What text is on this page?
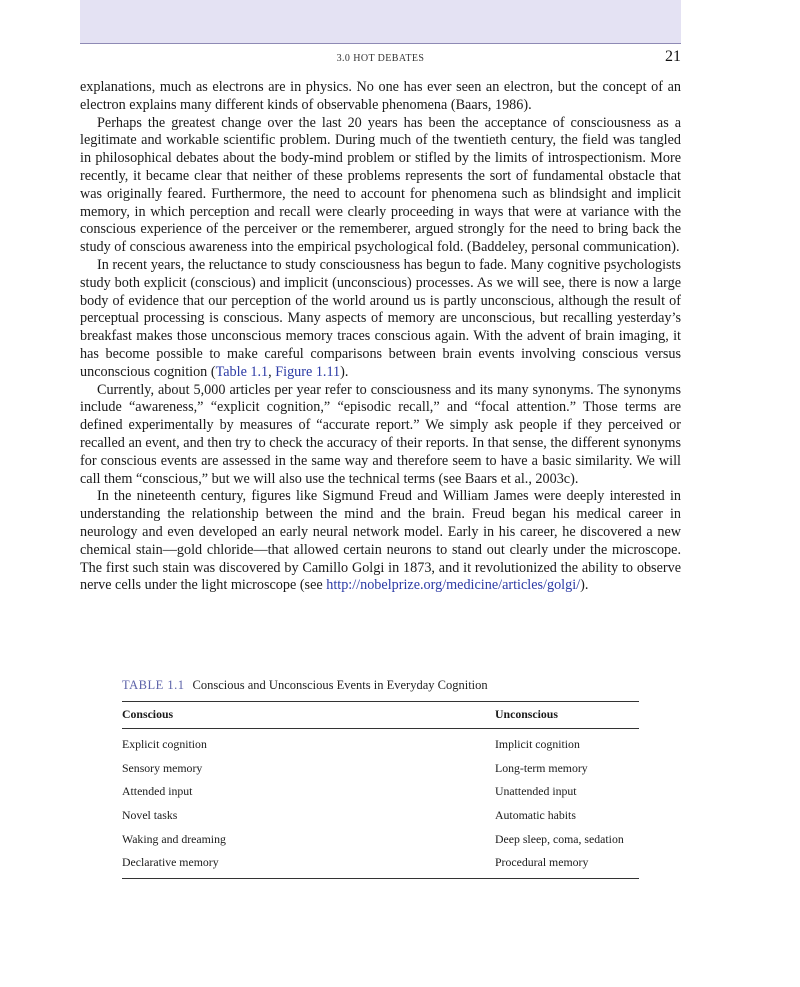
3.0 HOT DEBATES	21

explanations, much as electrons are in physics. No one has ever seen an electron, but the concept of an electron explains many different kinds of observable phenomena (Baars, 1986).

Perhaps the greatest change over the last 20 years has been the acceptance of consciousness as a legitimate and workable scientific problem. During much of the twentieth century, the field was tangled in philosophical debates about the body-mind problem or stifled by the limits of introspectionism. More recently, it became clear that neither of these problems represents the sort of fundamental obstacle that was originally feared. Furthermore, the need to account for phenomena such as blindsight and implicit memory, in which perception and recall were clearly proceeding in ways that were at variance with the conscious experience of the perceiver or the rememberer, argued strongly for the need to bring back the study of conscious awareness into the empirical psychological fold. (Baddeley, personal communication).

In recent years, the reluctance to study consciousness has begun to fade. Many cognitive psychologists study both explicit (conscious) and implicit (unconscious) processes. As we will see, there is now a large body of evidence that our perception of the world around us is partly unconscious, although the result of perceptual processing is conscious. Many aspects of memory are unconscious, but recalling yesterday’s breakfast makes those unconscious memory traces conscious again. With the advent of brain imaging, it has become possible to make careful comparisons between brain events involving conscious versus unconscious cognition (Table 1.1, Figure 1.11).

Currently, about 5,000 articles per year refer to consciousness and its many synonyms. The synonyms include “awareness,” “explicit cognition,” “episodic recall,” and “focal attention.” Those terms are defined experimentally by measures of “accurate report.” We simply ask people if they perceived or recalled an event, and then try to check the accuracy of their reports. In that sense, the different synonyms for conscious events are assessed in the same way and therefore seem to have a basic similarity. We will call them “conscious,” but we will also use the technical terms (see Baars et al., 2003c).

In the nineteenth century, figures like Sigmund Freud and William James were deeply interested in understanding the relationship between the mind and the brain. Freud began his medical career in neurology and even developed an early neural network model. Early in his career, he discovered a new chemical stain—gold chloride—that allowed certain neurons to stand out clearly under the microscope. The first such stain was discovered by Camillo Golgi in 1873, and it revolutionized the ability to observe nerve cells under the light microscope (see http://nobelprize.org/medicine/articles/golgi/).

TABLE 1.1 Conscious and Unconscious Events in Everyday Cognition
Conscious	Unconscious
Explicit cognition	Implicit cognition
Sensory memory	Long-term memory
Attended input	Unattended input
Novel tasks	Automatic habits
Waking and dreaming	Deep sleep, coma, sedation
Declarative memory	Procedural memory
